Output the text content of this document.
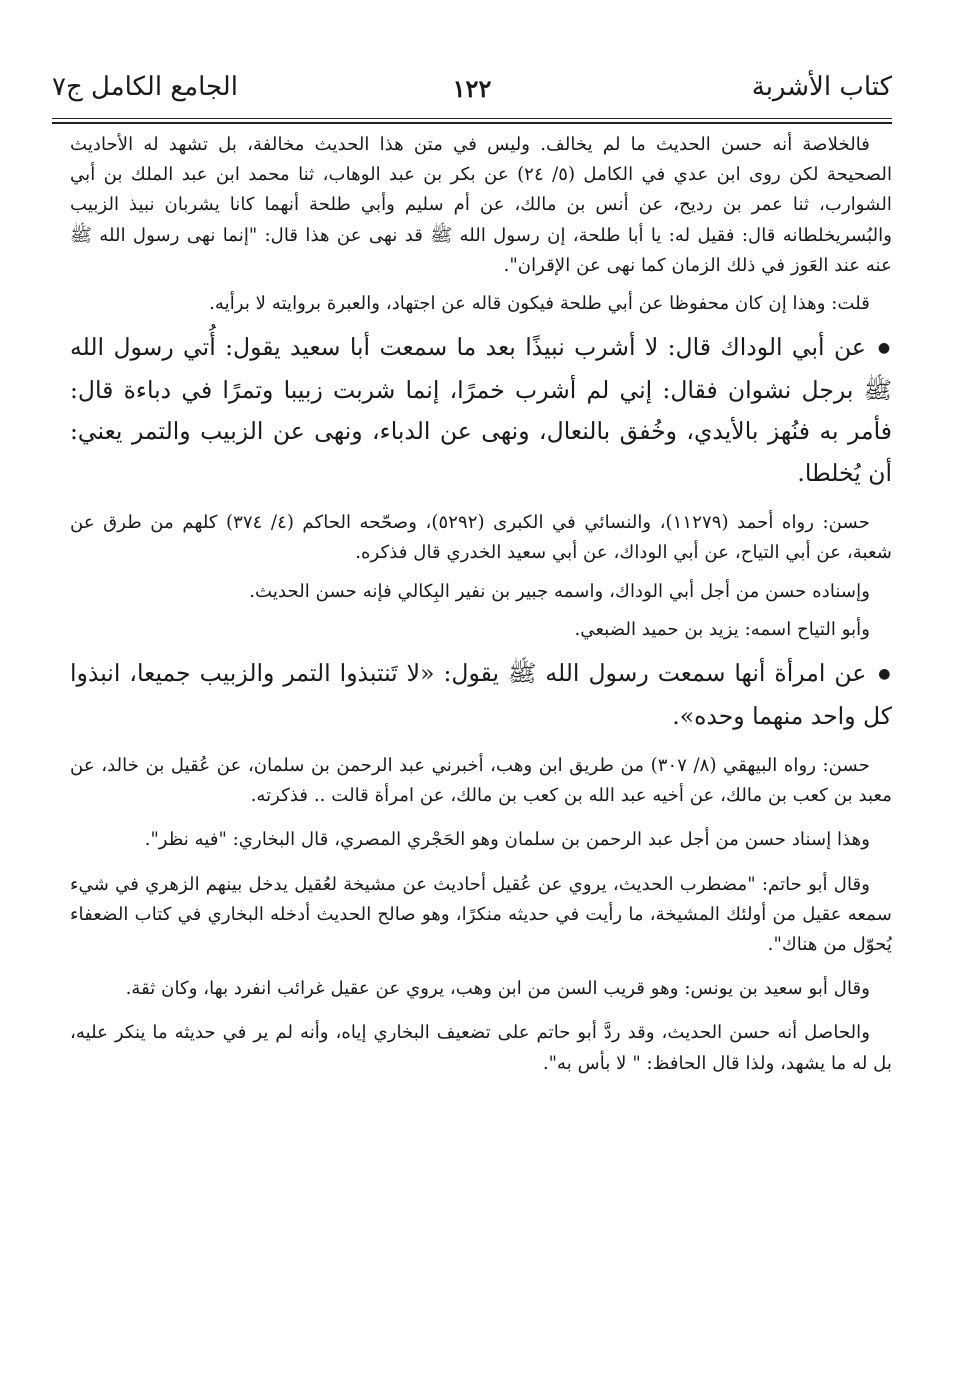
كتاب الأشربة
١٢٢
الجامع الكامل ج٧

فالخلاصة أنه حسن الحديث ما لم يخالف. وليس في متن هذا الحديث مخالفة، بل تشهد له الأحاديث الصحيحة لكن روى ابن عدي في الكامل (٥/ ٢٤) عن بكر بن عبد الوهاب، ثنا محمد ابن عبد الملك بن أبي الشوارب، ثنا عمر بن رديح، عن أنس بن مالك، عن أم سليم وأبي طلحة أنهما كانا يشربان نبيذ الزبيب والبُسريخلطانه قال: فقيل له: يا أبا طلحة، إن رسول الله ﷺ قد نهى عن هذا قال: "إنما نهى رسول الله ﷺ عنه عند العَوز في ذلك الزمان كما نهى عن الإقران".

قلت: وهذا إن كان محفوظا عن أبي طلحة فيكون قاله عن اجتهاد، والعبرة بروايته لا برأيه.

● عن أبي الوداك قال: لا أشرب نبيذًا بعد ما سمعت أبا سعيد يقول: أُتي رسول الله ﷺ برجل نشوان فقال: إني لم أشرب خمرًا، إنما شربت زبيبا وتمرًا في دباءة قال: فأمر به فنُهز بالأيدي، وخُفق بالنعال، ونهى عن الدباء، ونهى عن الزبيب والتمر يعني: أن يُخلطا.

حسن: رواه أحمد (١١٢٧٩)، والنسائي في الكبرى (٥٢٩٢)، وصحّحه الحاكم (٤/ ٣٧٤) كلهم من طرق عن شعبة، عن أبي التياح، عن أبي الوداك، عن أبي سعيد الخدري قال فذكره.

وإسناده حسن من أجل أبي الوداك، واسمه جبير بن نفير البِكالي فإنه حسن الحديث.

وأبو التياح اسمه: يزيد بن حميد الضبعي.

● عن امرأة أنها سمعت رسول الله ﷺ يقول: «لا تَنتبذوا التمر والزبيب جميعا، انبذوا كل واحد منهما وحده».

حسن: رواه البيهقي (٨/ ٣٠٧) من طريق ابن وهب، أخبرني عبد الرحمن بن سلمان، عن عُقيل بن خالد، عن معبد بن كعب بن مالك، عن أخيه عبد الله بن كعب بن مالك، عن امرأة قالت .. فذكرته.

وهذا إسناد حسن من أجل عبد الرحمن بن سلمان وهو الحَجْري المصري، قال البخاري: "فيه نظر".

وقال أبو حاتم: "مضطرب الحديث، يروي عن عُقيل أحاديث عن مشيخة لعُقيل يدخل بينهم الزهري في شيء سمعه عقيل من أولئك المشيخة، ما رأيت في حديثه منكرًا، وهو صالح الحديث أدخله البخاري في كتاب الضعفاء يُحوّل من هناك".

وقال أبو سعيد بن يونس: وهو قريب السن من ابن وهب، يروي عن عقيل غرائب انفرد بها، وكان ثقة.

والحاصل أنه حسن الحديث، وقد ردَّ أبو حاتم على تضعيف البخاري إياه، وأنه لم ير في حديثه ما ينكر عليه، بل له ما يشهد، ولذا قال الحافظ: " لا بأس به".
